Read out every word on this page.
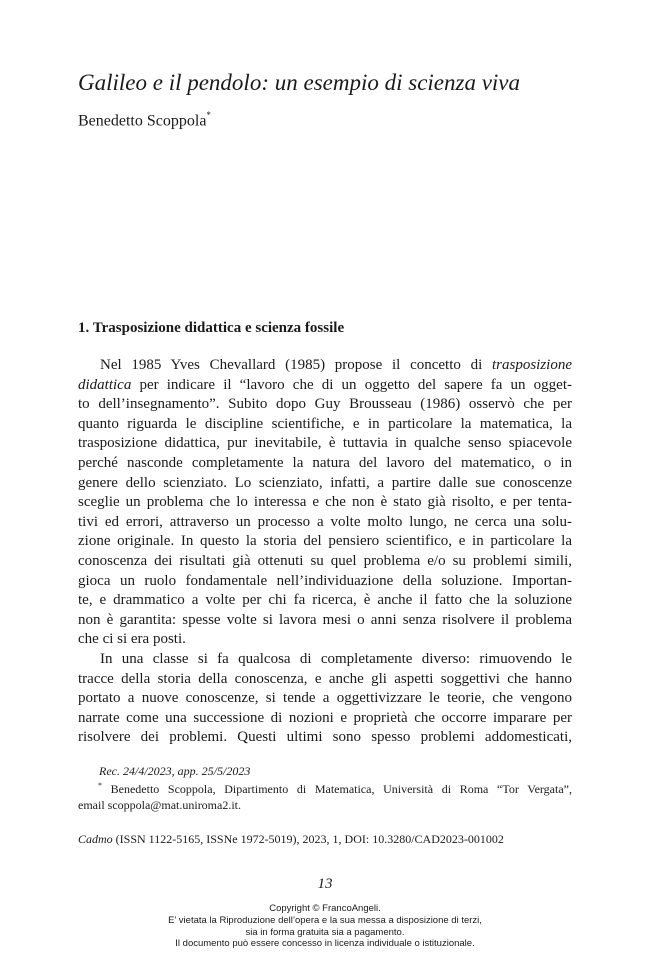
Galileo e il pendolo: un esempio di scienza viva
Benedetto Scoppola*
1. Trasposizione didattica e scienza fossile
Nel 1985 Yves Chevallard (1985) propose il concetto di trasposizione
didattica per indicare il “lavoro che di un oggetto del sapere fa un ogget-
to dell’insegnamento”. Subito dopo Guy Brousseau (1986) osservò che per
quanto riguarda le discipline scientifiche, e in particolare la matematica, la
trasposizione didattica, pur inevitabile, è tuttavia in qualche senso spiacevole
perché nasconde completamente la natura del lavoro del matematico, o in
genere dello scienziato. Lo scienziato, infatti, a partire dalle sue conoscenze
sceglie un problema che lo interessa e che non è stato già risolto, e per tenta-
tivi ed errori, attraverso un processo a volte molto lungo, ne cerca una solu-
zione originale. In questo la storia del pensiero scientifico, e in particolare la
conoscenza dei risultati già ottenuti su quel problema e/o su problemi simili,
gioca un ruolo fondamentale nell’individuazione della soluzione. Importan-
te, e drammatico a volte per chi fa ricerca, è anche il fatto che la soluzione
non è garantita: spesse volte si lavora mesi o anni senza risolvere il problema
che ci si era posti.
In una classe si fa qualcosa di completamente diverso: rimuovendo le
tracce della storia della conoscenza, e anche gli aspetti soggettivi che hanno
portato a nuove conoscenze, si tende a oggettivizzare le teorie, che vengono
narrate come una successione di nozioni e proprietà che occorre imparare per
risolvere dei problemi. Questi ultimi sono spesso problemi addomesticati,
Rec. 24/4/2023, app. 25/5/2023
* Benedetto Scoppola, Dipartimento di Matematica, Università di Roma “Tor Vergata”,
email scoppola@mat.uniroma2.it.
Cadmo (ISSN 1122-5165, ISSNe 1972-5019), 2023, 1, DOI: 10.3280/CAD2023-001002
13
Copyright © FrancoAngeli.
E’ vietata la Riproduzione dell’opera e la sua messa a disposizione di terzi,
sia in forma gratuita sia a pagamento.
Il documento può essere concesso in licenza individuale o istituzionale.
